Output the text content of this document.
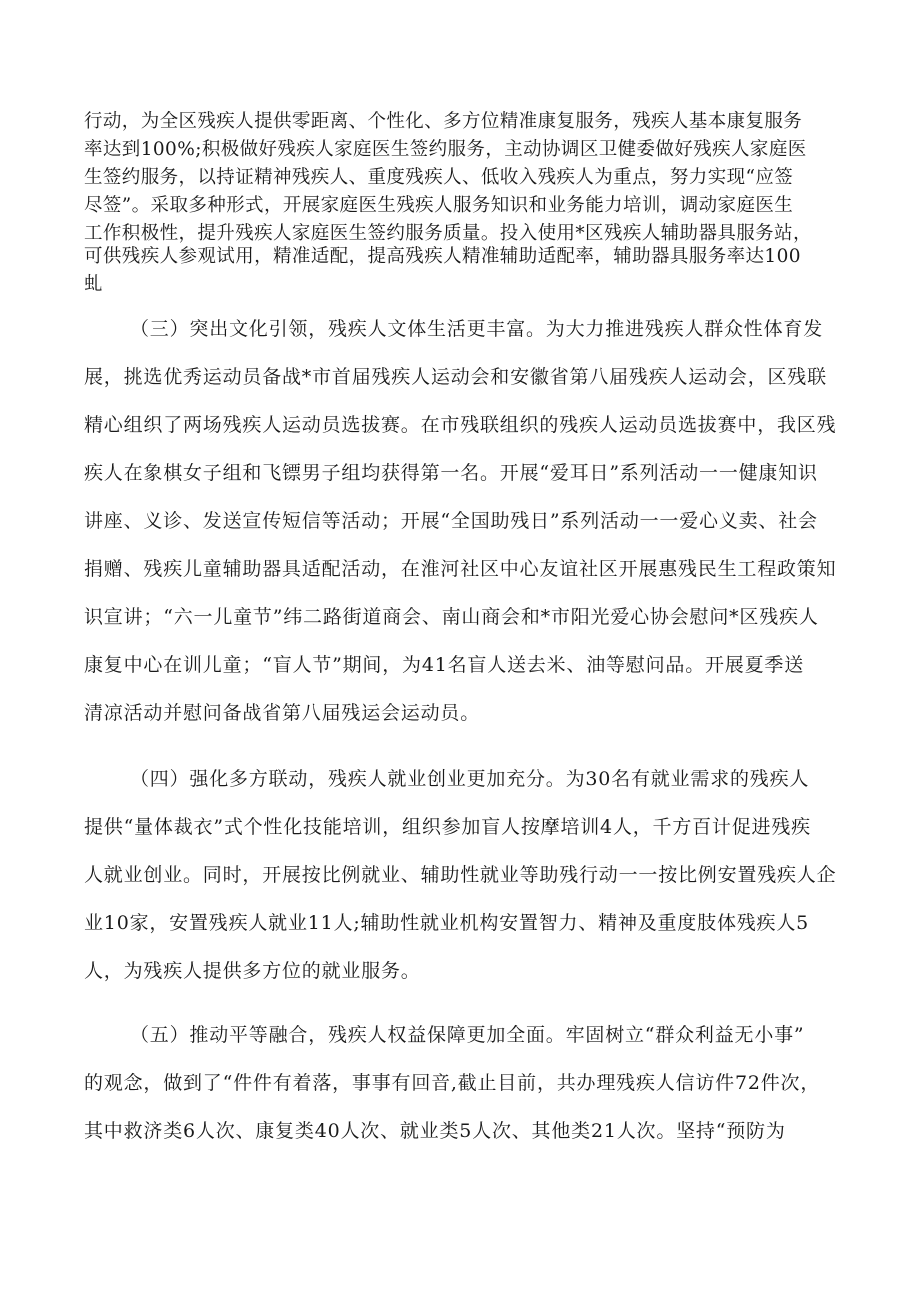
行动，为全区残疾人提供零距离、个性化、多方位精准康复服务，残疾人基本康复服务

率达到100%;积极做好残疾人家庭医生签约服务，主动协调区卫健委做好残疾人家庭医

生签约服务，以持证精神残疾人、重度残疾人、低收入残疾人为重点，努力实现“应签

尽签”。采取多种形式，开展家庭医生残疾人服务知识和业务能力培训，调动家庭医生

工作积极性，提升残疾人家庭医生签约服务质量。投入使用*区残疾人辅助器具服务站，

可供残疾人参观试用，精准适配，提高残疾人精准辅助适配率，辅助器具服务率达100

虬

（三）突出文化引领，残疾人文体生活更丰富。为大力推进残疾人群众性体育发

展，挑选优秀运动员备战*市首届残疾人运动会和安徽省第八届残疾人运动会，区残联

精心组织了两场残疾人运动员选拔赛。在市残联组织的残疾人运动员选拔赛中，我区残

疾人在象棋女子组和飞镖男子组均获得第一名。开展“爱耳日”系列活动一一健康知识

讲座、义诊、发送宣传短信等活动；开展“全国助残日”系列活动一一爱心义卖、社会

捐赠、残疾儿童辅助器具适配活动，在淮河社区中心友谊社区开展惠残民生工程政策知

识宣讲；“六一儿童节”纬二路街道商会、南山商会和*市阳光爱心协会慰问*区残疾人

康复中心在训儿童；“盲人节”期间，为41名盲人送去米、油等慰问品。开展夏季送

清凉活动并慰问备战省第八届残运会运动员。

（四）强化多方联动，残疾人就业创业更加充分。为30名有就业需求的残疾人

提供“量体裁衣”式个性化技能培训，组织参加盲人按摩培训4人，千方百计促进残疾

人就业创业。同时，开展按比例就业、辅助性就业等助残行动一一按比例安置残疾人企

业10家，安置残疾人就业11人;辅助性就业机构安置智力、精神及重度肢体残疾人5

人，为残疾人提供多方位的就业服务。

（五）推动平等融合，残疾人权益保障更加全面。牢固树立“群众利益无小事”

的观念，做到了“件件有着落，事事有回音,截止目前，共办理残疾人信访件72件次，

其中救济类6人次、康复类40人次、就业类5人次、其他类21人次。坚持“预防为
